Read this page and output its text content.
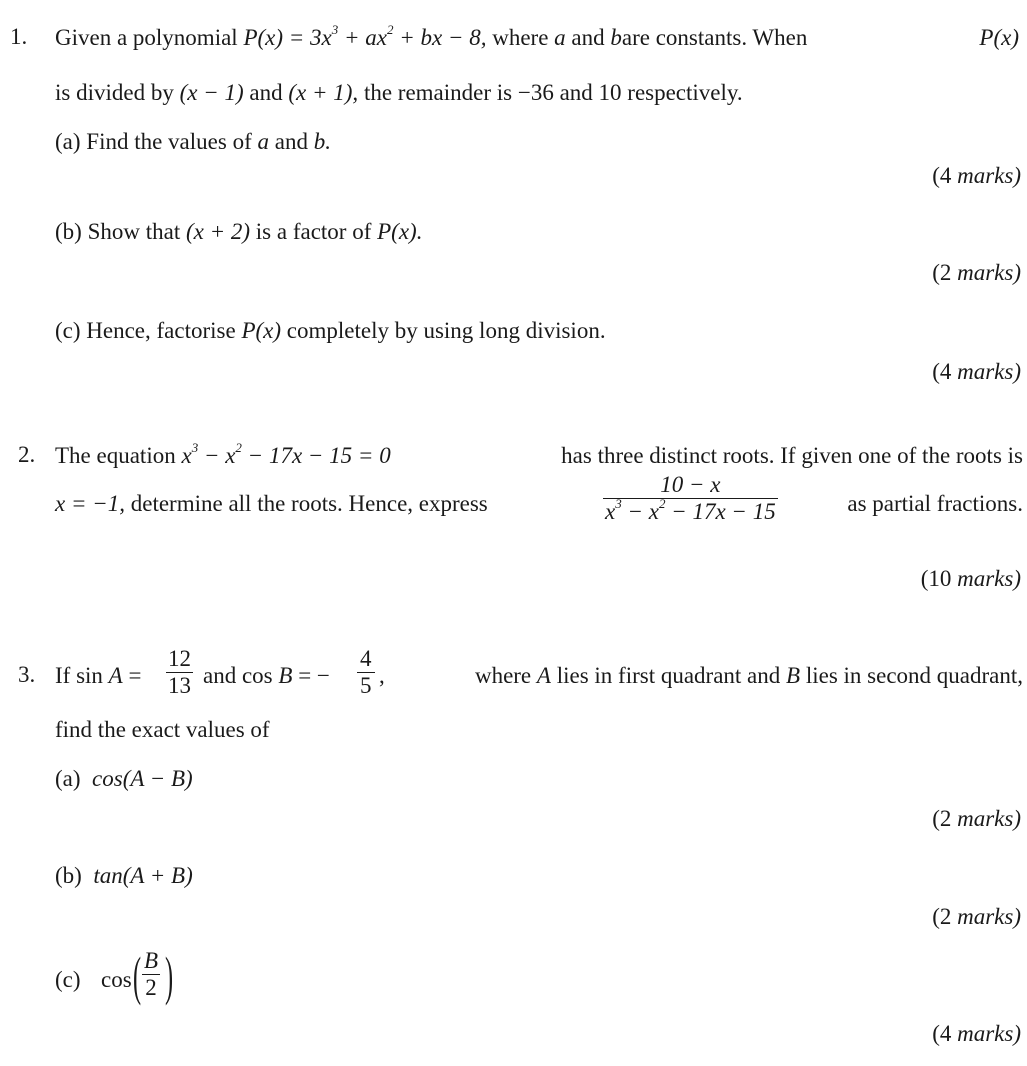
1. Given a polynomial $P(x) = 3x^3 + ax^2$ + bx − 8, where a and bare constants. When	P(x)
is divided by (x − 1) and (x + 1), the remainder is −36 and 10 respectively.
(a) Find the values of a and b.
(4 marks)
(b) Show that (x + 2) is a factor of P(x).
(2 marks)
(c) Hence, factorise P(x) completely by using long division.
(4 marks)
2. The equation $x^3 - x^2 - 17x - 15 = 0$	has three distinct roots. If given one of the roots is
x = −1, determine all the roots. Hence, express	$\frac{10 - x}{x^3 - x^2 - 17x - 15}$	as partial fractions.
(10 marks)
3. If $\sin A = \frac{12}{13}$ and cos B = − $\frac{4}{5}$ ,	where A lies in first quadrant and B lies in second quadrant,
find the exact values of
(a) cos(A − B)
(2 marks)
(b) tan(A + B)
(2 marks)
(c) cos ( $\frac{B}{2}$ )
(4 marks)
